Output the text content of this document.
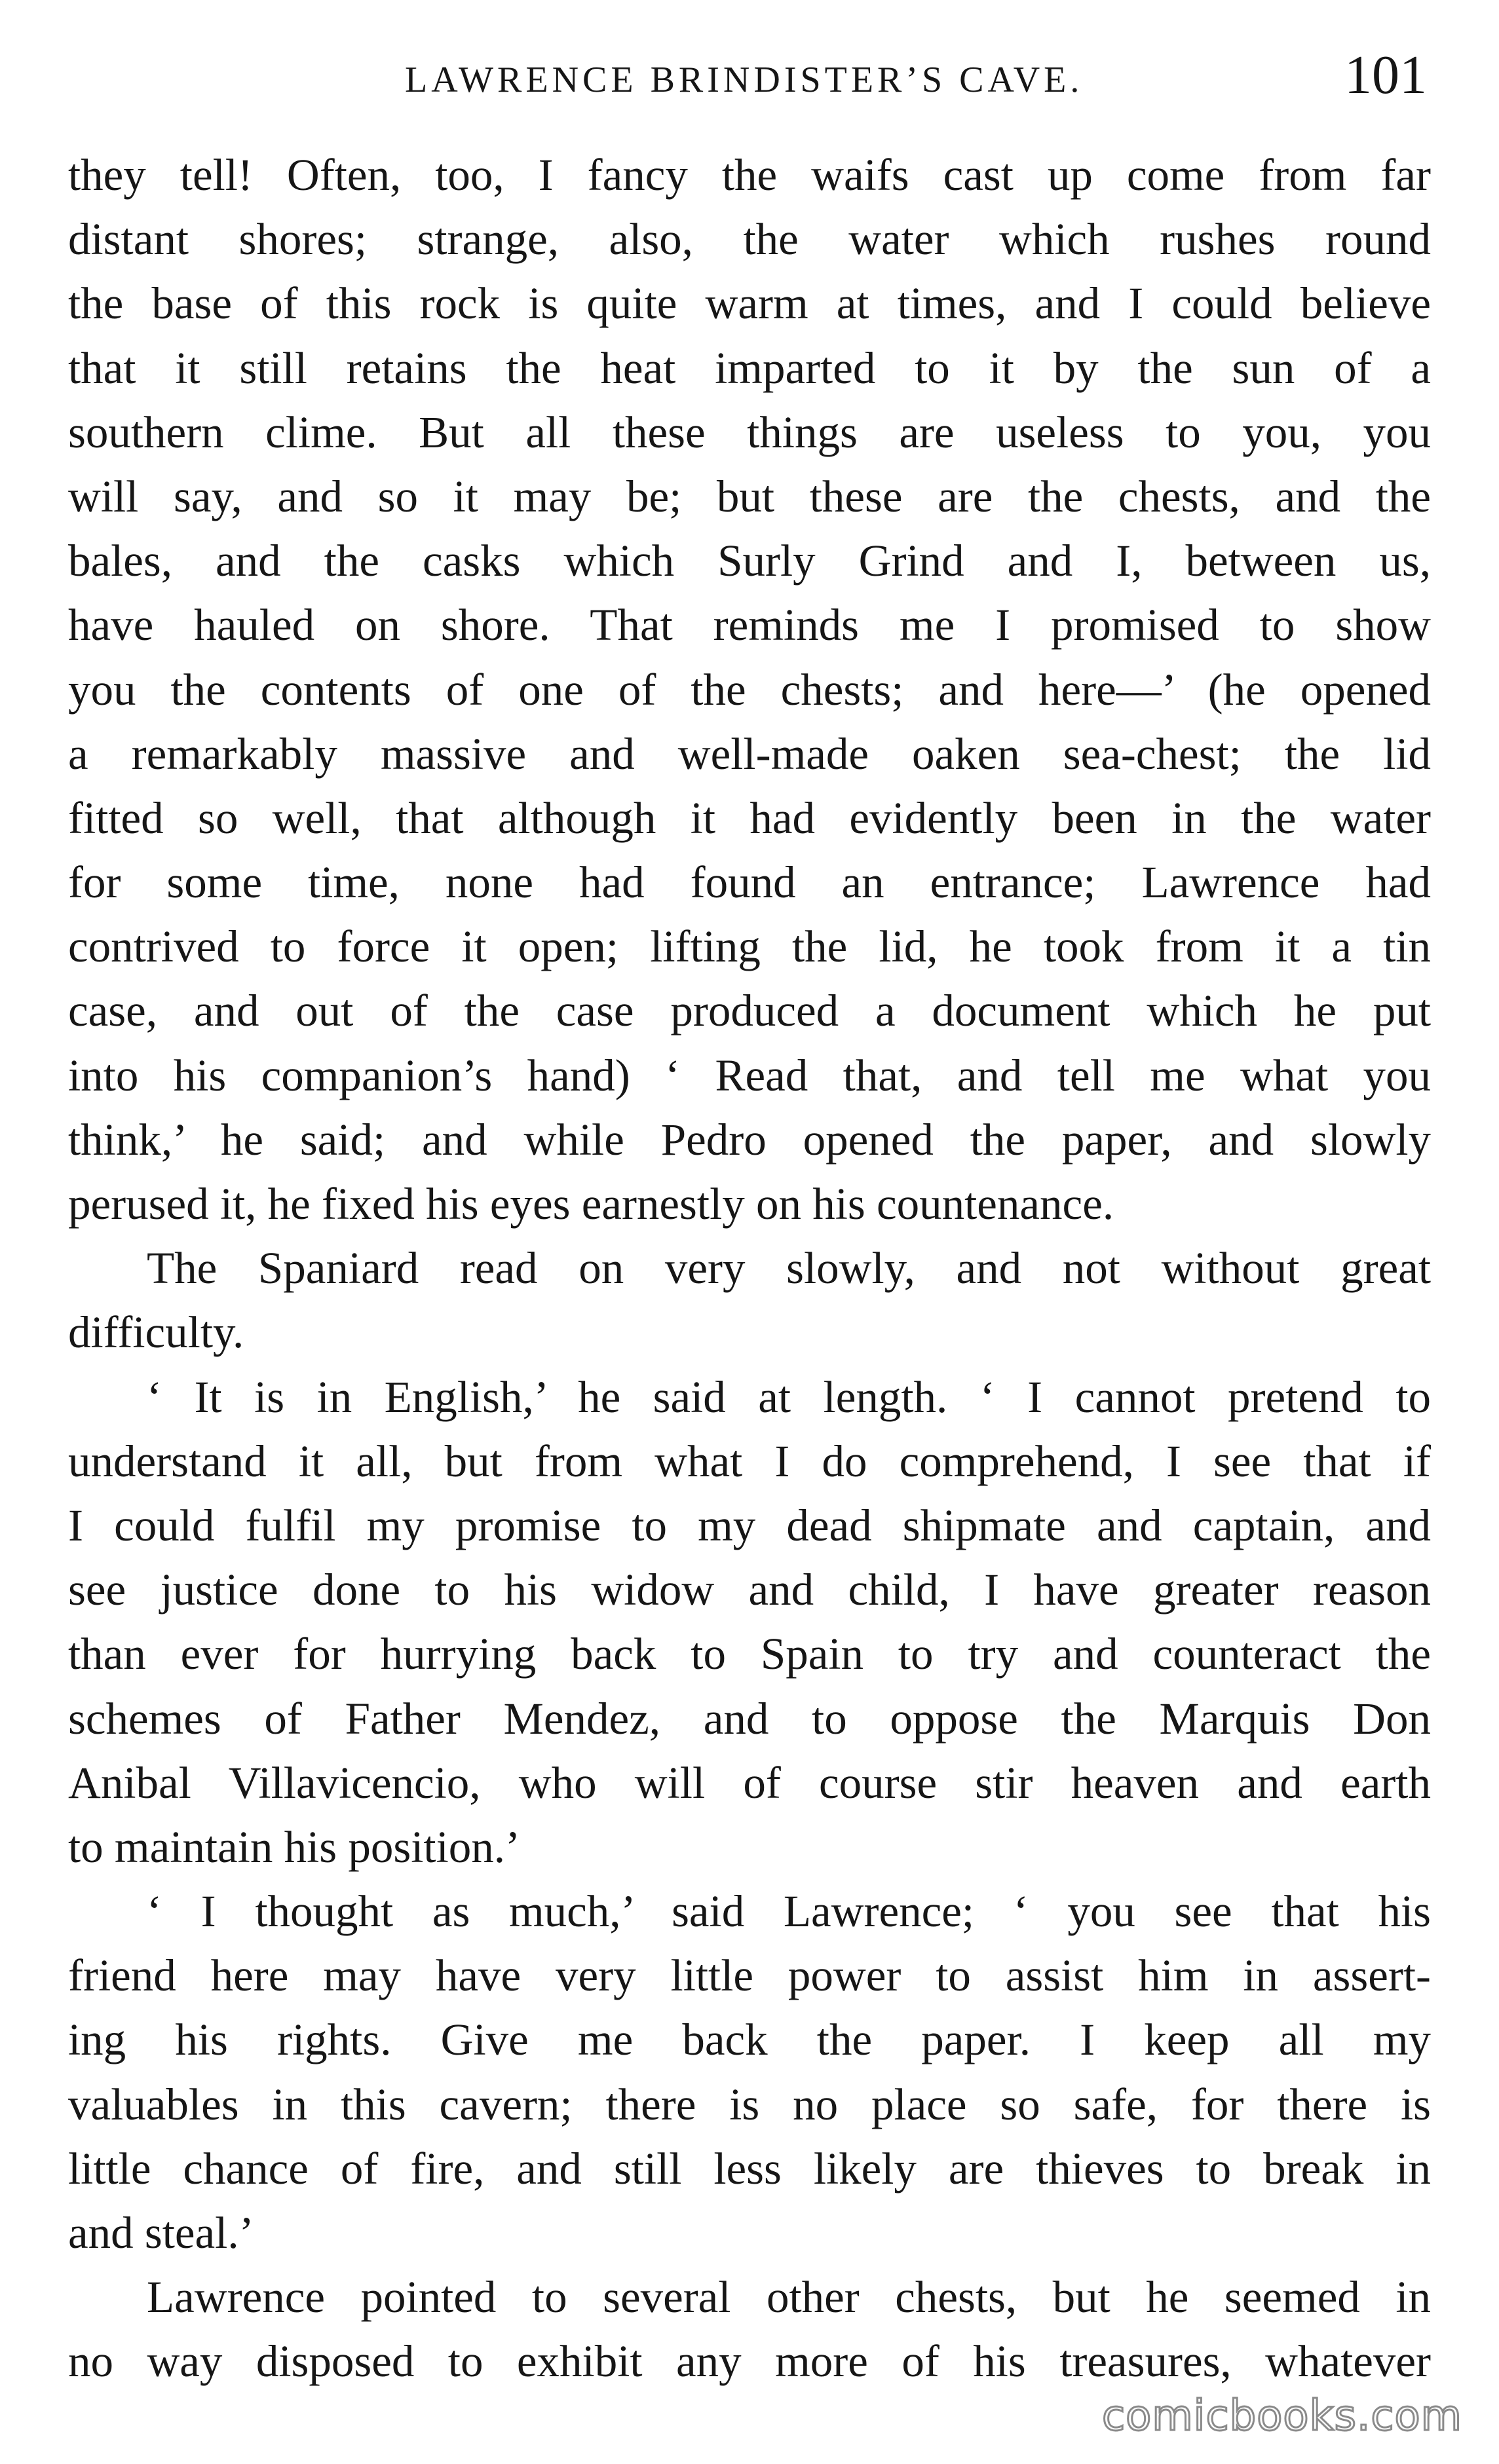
LAWRENCE BRINDISTER’S CAVE.	101
they tell! Often, too, I fancy the waifs cast up come from far
distant shores; strange, also, the water which rushes round
the base of this rock is quite warm at times, and I could believe
that it still retains the heat imparted to it by the sun of a
southern clime. But all these things are useless to you, you
will say, and so it may be; but these are the chests, and the
bales, and the casks which Surly Grind and I, between us,
have hauled on shore. That reminds me I promised to show
you the contents of one of the chests; and here—’ (he opened
a remarkably massive and well-made oaken sea-chest; the lid
fitted so well, that although it had evidently been in the water
for some time, none had found an entrance; Lawrence had
contrived to force it open; lifting the lid, he took from it a tin
case, and out of the case produced a document which he put
into his companion’s hand) ‘ Read that, and tell me what you
think,’ he said; and while Pedro opened the paper, and slowly
perused it, he fixed his eyes earnestly on his countenance.
The Spaniard read on very slowly, and not without great
difficulty.
‘ It is in English,’ he said at length. ‘ I cannot pretend to
understand it all, but from what I do comprehend, I see that if
I could fulfil my promise to my dead shipmate and captain, and
see justice done to his widow and child, I have greater reason
than ever for hurrying back to Spain to try and counteract the
schemes of Father Mendez, and to oppose the Marquis Don
Anibal Villavicencio, who will of course stir heaven and earth
to maintain his position.’
‘ I thought as much,’ said Lawrence; ‘ you see that his
friend here may have very little power to assist him in assert-
ing his rights. Give me back the paper. I keep all my
valuables in this cavern; there is no place so safe, for there is
little chance of fire, and still less likely are thieves to break in
and steal.’
Lawrence pointed to several other chests, but he seemed in
no way disposed to exhibit any more of his treasures, whatever
comicbooks.com
